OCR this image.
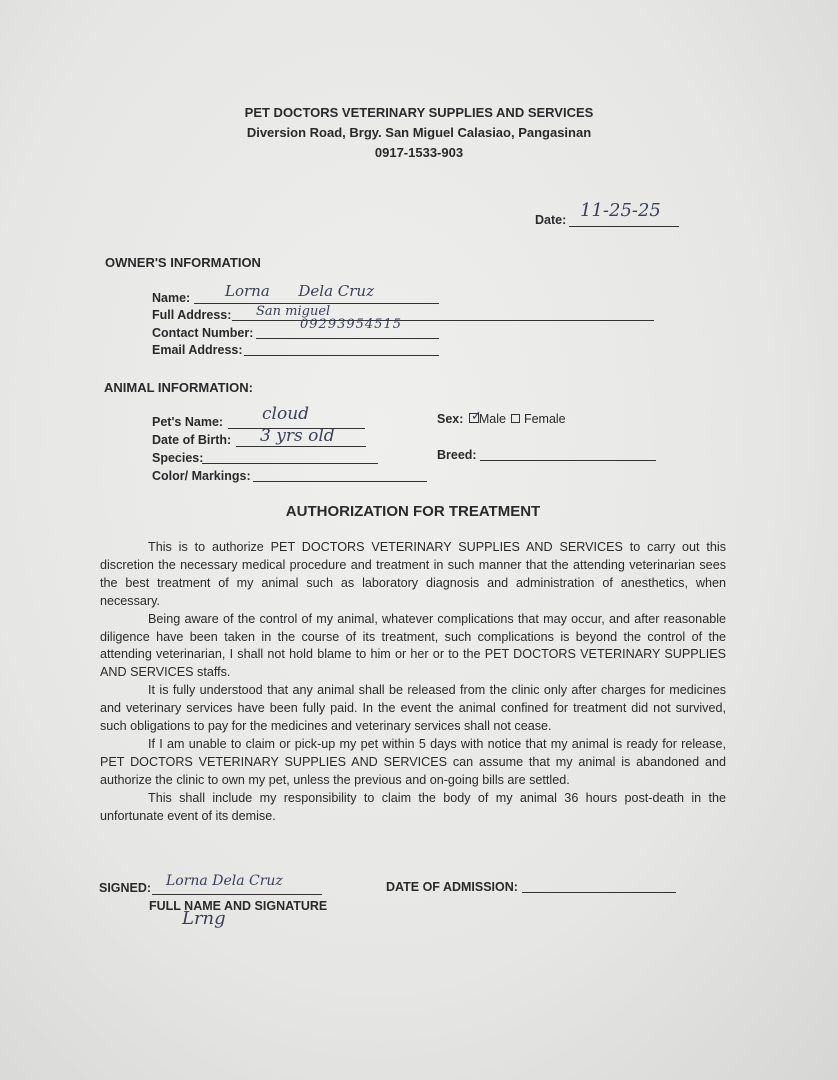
PET DOCTORS VETERINARY SUPPLIES AND SERVICES
Diversion Road, Brgy. San Miguel Calasiao, Pangasinan
0917-1533-903
Date: 11-25-25
OWNER'S INFORMATION
Name: Lorna      Dela Cruz
Full Address: San miguel
Contact Number:
09293954515
Email Address:
ANIMAL INFORMATION:
Pet's Name: cloud
Date of Birth: 3 yrs old
Species:
Color/ Markings:
Sex: ✓
Male Female
Breed:
AUTHORIZATION FOR TREATMENT

This is to authorize PET DOCTORS VETERINARY SUPPLIES AND SERVICES to carry out this discretion the necessary medical procedure and treatment in such manner that the attending veterinarian sees the best treatment of my animal such as laboratory diagnosis and administration of anesthetics, when necessary.

Being aware of the control of my animal, whatever complications that may occur, and after reasonable diligence have been taken in the course of its treatment, such complications is beyond the control of the attending veterinarian, I shall not hold blame to him or her or to the PET DOCTORS VETERINARY SUPPLIES AND SERVICES staffs.

It is fully understood that any animal shall be released from the clinic only after charges for medicines and veterinary services have been fully paid. In the event the animal confined for treatment did not survived, such obligations to pay for the medicines and veterinary services shall not cease.

If I am unable to claim or pick-up my pet within 5 days with notice that my animal is ready for release, PET DOCTORS VETERINARY SUPPLIES AND SERVICES can assume that my animal is abandoned and authorize the clinic to own my pet, unless the previous and on-going bills are settled.

This shall include my responsibility to claim the body of my animal 36 hours post-death in the unfortunate event of its demise.

SIGNED: Lorna Dela Cruz
FULL NAME AND SIGNATURE
Lrng
DATE OF ADMISSION:
